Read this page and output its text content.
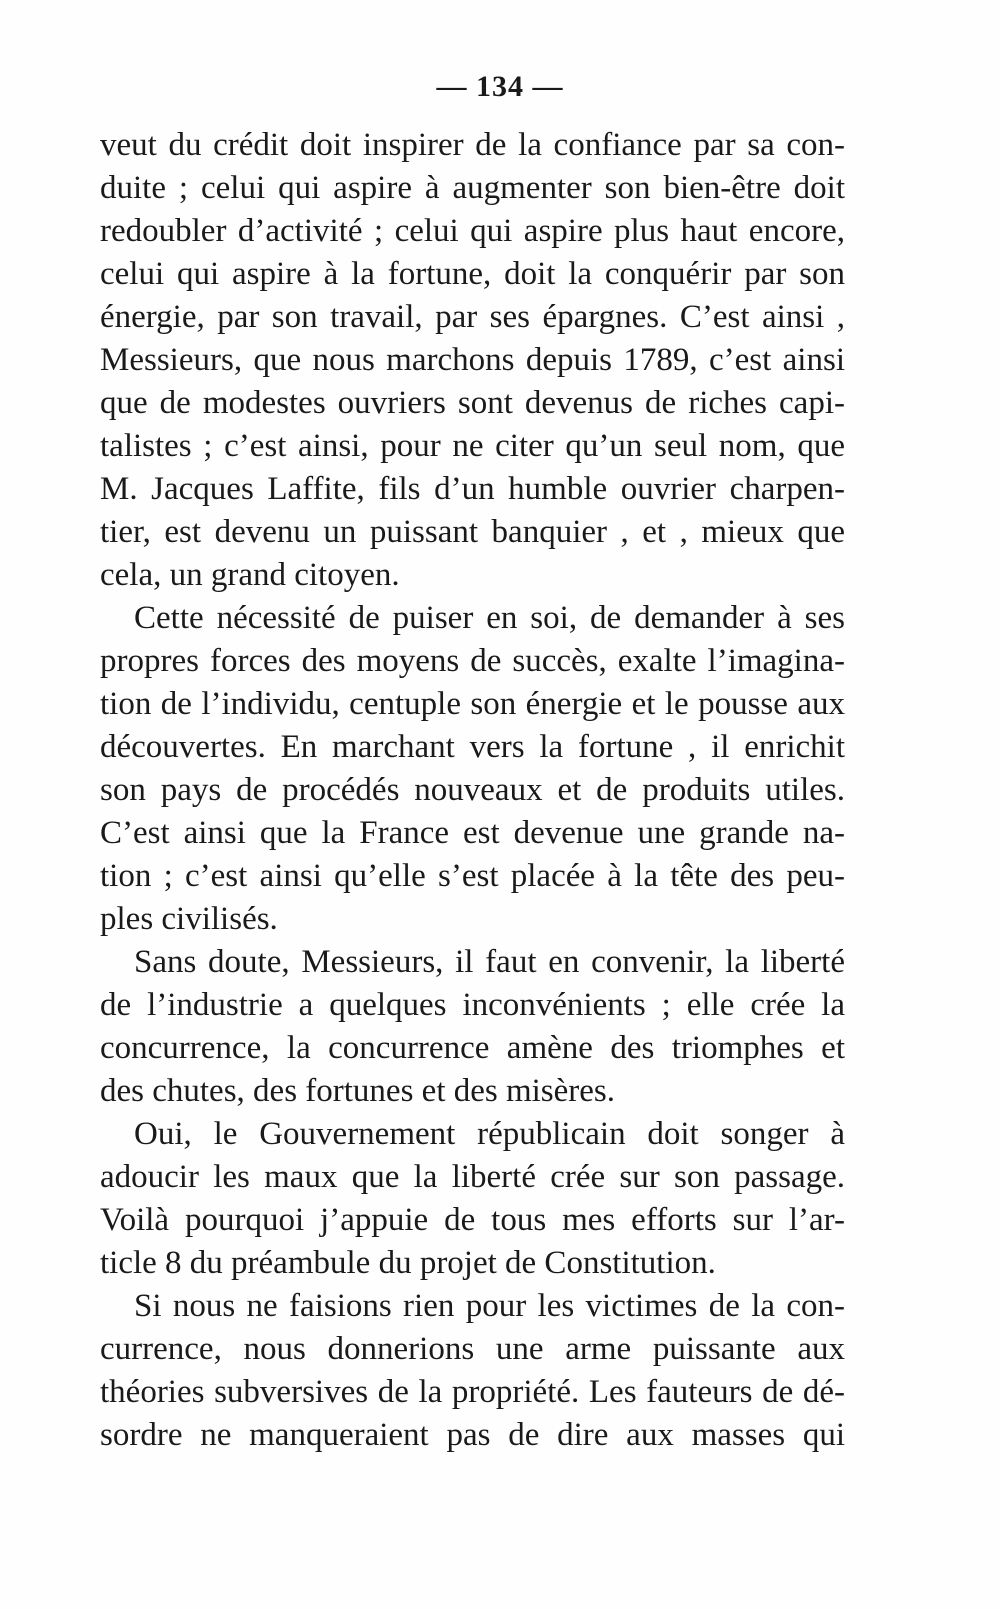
— 134 —
veut du crédit doit inspirer de la confiance par sa con-
duite ; celui qui aspire à augmenter son bien-être doit
redoubler d’activité ; celui qui aspire plus haut encore,
celui qui aspire à la fortune, doit la conquérir par son
énergie, par son travail, par ses épargnes. C’est ainsi ,
Messieurs, que nous marchons depuis 1789, c’est ainsi
que de modestes ouvriers sont devenus de riches capi-
talistes ; c’est ainsi, pour ne citer qu’un seul nom, que
M. Jacques Laffite, fils d’un humble ouvrier charpen-
tier, est devenu un puissant banquier , et , mieux que
cela, un grand citoyen.
Cette nécessité de puiser en soi, de demander à ses
propres forces des moyens de succès, exalte l’imagina-
tion de l’individu, centuple son énergie et le pousse aux
découvertes. En marchant vers la fortune , il enrichit
son pays de procédés nouveaux et de produits utiles.
C’est ainsi que la France est devenue une grande na-
tion ; c’est ainsi qu’elle s’est placée à la tête des peu-
ples civilisés.
Sans doute, Messieurs, il faut en convenir, la liberté
de l’industrie a quelques inconvénients ; elle crée la
concurrence, la concurrence amène des triomphes et
des chutes, des fortunes et des misères.
Oui, le Gouvernement républicain doit songer à
adoucir les maux que la liberté crée sur son passage.
Voilà pourquoi j’appuie de tous mes efforts sur l’ar-
ticle 8 du préambule du projet de Constitution.
Si nous ne faisions rien pour les victimes de la con-
currence, nous donnerions une arme puissante aux
théories subversives de la propriété. Les fauteurs de dé-
sordre ne manqueraient pas de dire aux masses qui
